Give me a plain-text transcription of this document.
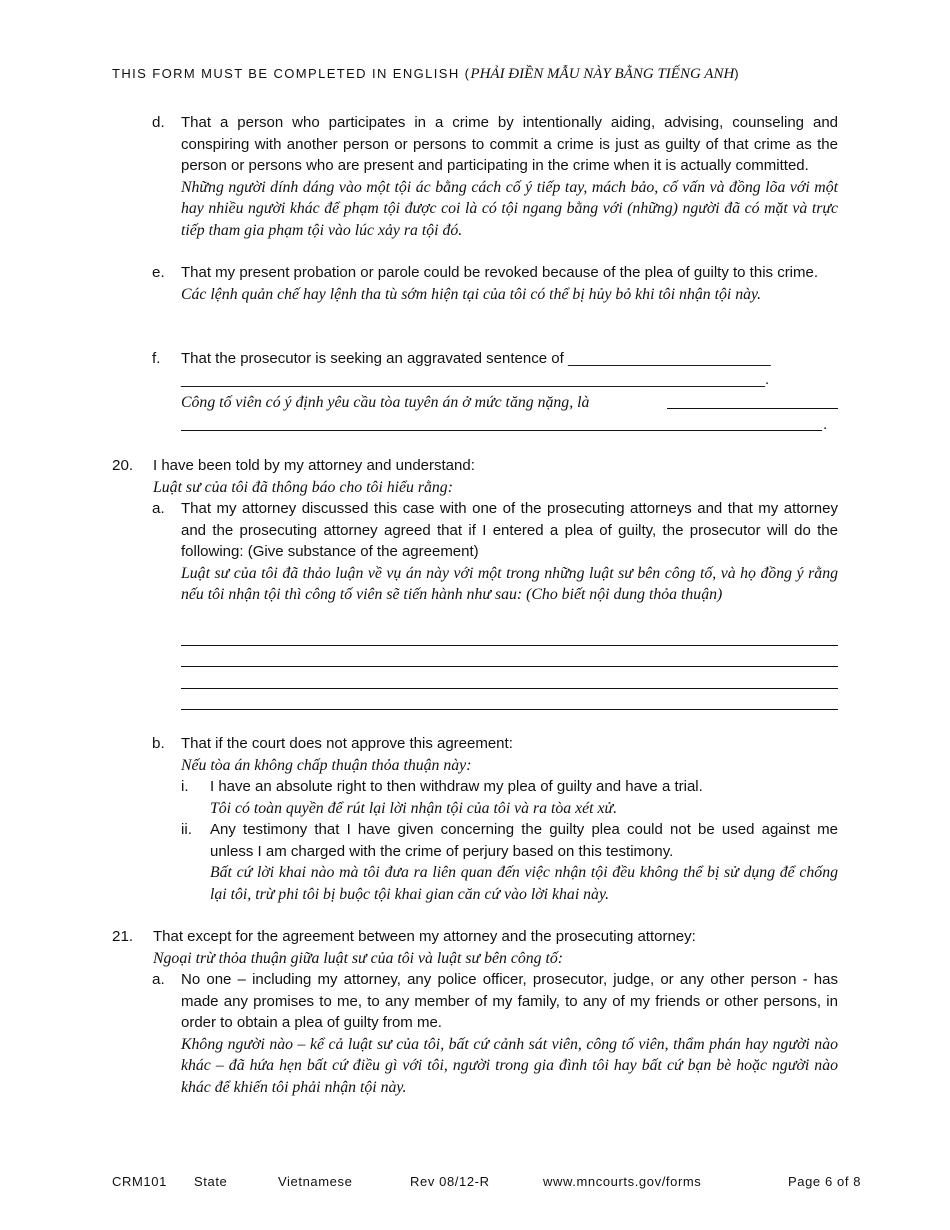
THIS FORM MUST BE COMPLETED IN ENGLISH (PHẢI ĐIỀN MẪU NÀY BẰNG TIẾNG ANH)
d. That a person who participates in a crime by intentionally aiding, advising, counseling and conspiring with another person or persons to commit a crime is just as guilty of that crime as the person or persons who are present and participating in the crime when it is actually committed.
Những người dính dáng vào một tội ác bằng cách cố ý tiếp tay, mách bảo, cố vấn và đồng lõa với một hay nhiều người khác để phạm tội được coi là có tội ngang bằng với (những) người đã có mặt và trực tiếp tham gia phạm tội vào lúc xảy ra tội đó.
e. That my present probation or parole could be revoked because of the plea of guilty to this crime.
Các lệnh quản chế hay lệnh tha tù sớm hiện tại của tôi có thể bị hủy bỏ khi tôi nhận tội này.
f. That the prosecutor is seeking an aggravated sentence of ________________________
______________________________________________________________________.
Công tố viên có ý định yêu cầu tòa tuyên án ở mức tăng nặng, là
.
20. I have been told by my attorney and understand:
Luật sư của tôi đã thông báo cho tôi hiểu rằng:
a. That my attorney discussed this case with one of the prosecuting attorneys and that my attorney and the prosecuting attorney agreed that if I entered a plea of guilty, the prosecutor will do the following: (Give substance of the agreement)
Luật sư của tôi đã thảo luận về vụ án này với một trong những luật sư bên công tố, và họ đồng ý rằng nếu tôi nhận tội thì công tố viên sẽ tiến hành như sau: (Cho biết nội dung thỏa thuận)
b. That if the court does not approve this agreement:
Nếu tòa án không chấp thuận thỏa thuận này:
i. I have an absolute right to then withdraw my plea of guilty and have a trial.
Tôi có toàn quyền để rút lại lời nhận tội của tôi và ra tòa xét xử.
ii. Any testimony that I have given concerning the guilty plea could not be used against me unless I am charged with the crime of perjury based on this testimony.
Bất cứ lời khai nào mà tôi đưa ra liên quan đến việc nhận tội đều không thể bị sử dụng để chống lại tôi, trừ phi tôi bị buộc tội khai gian căn cứ vào lời khai này.
21. That except for the agreement between my attorney and the prosecuting attorney:
Ngoại trừ thỏa thuận giữa luật sư của tôi và luật sư bên công tố:
a. No one – including my attorney, any police officer, prosecutor, judge, or any other person - has made any promises to me, to any member of my family, to any of my friends or other persons, in order to obtain a plea of guilty from me.
Không người nào – kể cả luật sư của tôi, bất cứ cảnh sát viên, công tố viên, thẩm phán hay người nào khác – đã hứa hẹn bất cứ điều gì với tôi, người trong gia đình tôi hay bất cứ bạn bè hoặc người nào khác để khiến tôi phải nhận tội này.
CRM101 State	Vietnamese	Rev 08/12-R	www.mncourts.gov/forms	Page 6 of 8
